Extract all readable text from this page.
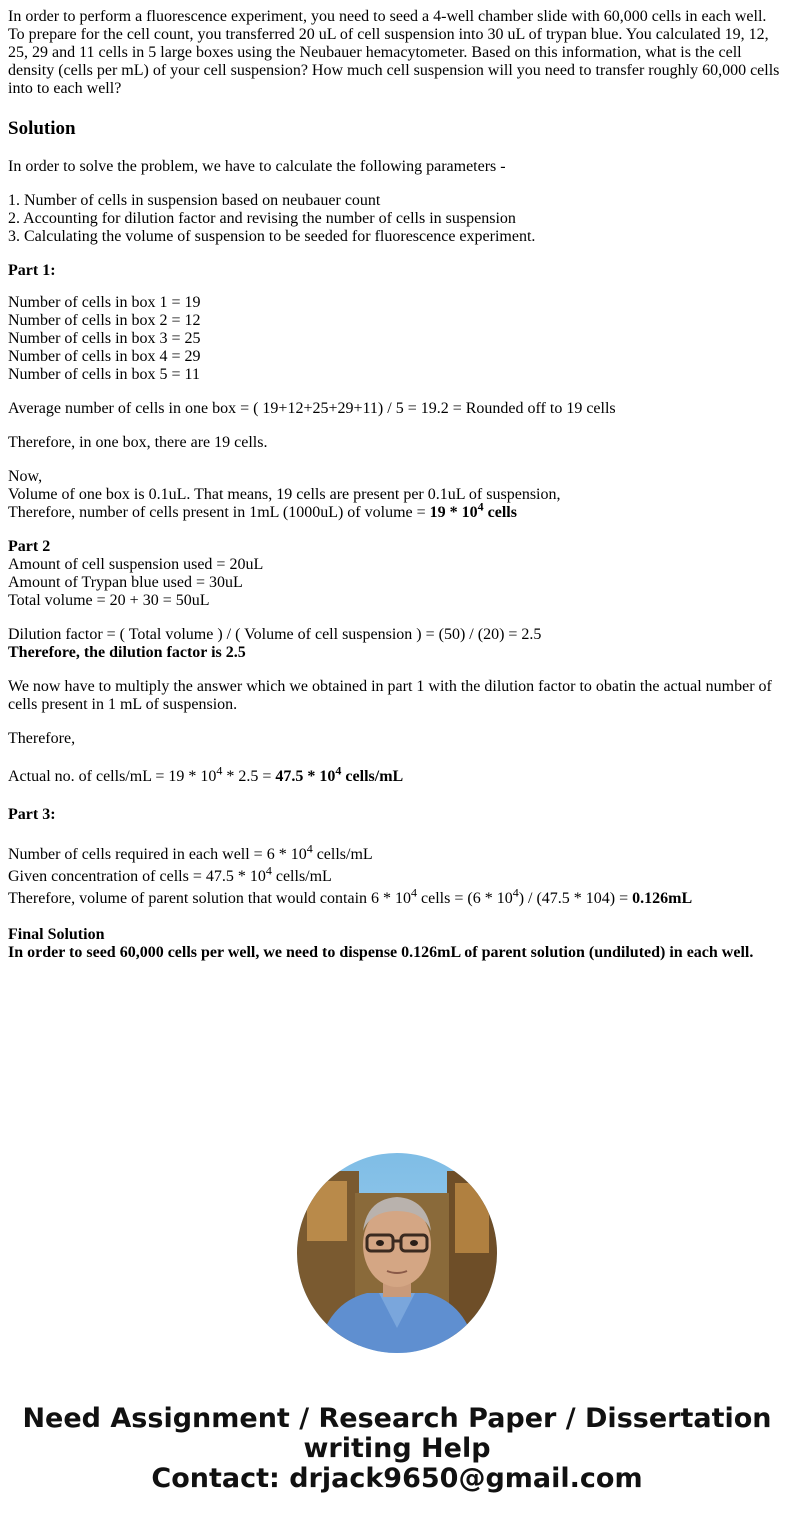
In order to perform a fluorescence experiment, you need to seed a 4-well chamber slide with 60,000 cells in each well. To prepare for the cell count, you transferred 20 uL of cell suspension into 30 uL of trypan blue. You calculated 19, 12, 25, 29 and 11 cells in 5 large boxes using the Neubauer hemacytometer. Based on this information, what is the cell density (cells per mL) of your cell suspension? How much cell suspension will you need to transfer roughly 60,000 cells into to each well?

Solution

In order to solve the problem, we have to calculate the following parameters -

1. Number of cells in suspension based on neubauer count
2. Accounting for dilution factor and revising the number of cells in suspension
3. Calculating the volume of suspension to be seeded for fluorescence experiment.

Part 1:

Number of cells in box 1 = 19
Number of cells in box 2 = 12
Number of cells in box 3 = 25
Number of cells in box 4 = 29
Number of cells in box 5 = 11

Average number of cells in one box = ( 19+12+25+29+11) / 5 = 19.2 = Rounded off to 19 cells

Therefore, in one box, there are 19 cells.

Now,
Volume of one box is 0.1uL. That means, 19 cells are present per 0.1uL of suspension,
Therefore, number of cells present in 1mL (1000uL) of volume = $19 * 10^4$ cells

Part 2
Amount of cell suspension used = 20uL
Amount of Trypan blue used = 30uL
Total volume = 20 + 30 = 50uL

Dilution factor = ( Total volume ) / ( Volume of cell suspension ) = (50) / (20) = 2.5
Therefore, the dilution factor is 2.5

We now have to multiply the answer which we obtained in part 1 with the dilution factor to obatin the actual number of cells present in 1 mL of suspension.

Therefore,

Actual no. of cells/mL = $19 * 10^4 * 2.5 = 47.5 * 10^4$ cells/mL

Part 3:

Number of cells required in each well = $6 * 10^4$ cells/mL
Given concentration of cells = $47.5 * 10^4$ cells/mL
Therefore, volume of parent solution that would contain $6 * 10^4$ cells = $(6 * 10^4) / (47.5 * 104) = 0.126mL$

Final Solution
In order to seed 60,000 cells per well, we need to dispense 0.126mL of parent solution (undiluted) in each well.

Need Assignment / Research Paper / Dissertation
writing Help
Contact: drjack9650@gmail.com
